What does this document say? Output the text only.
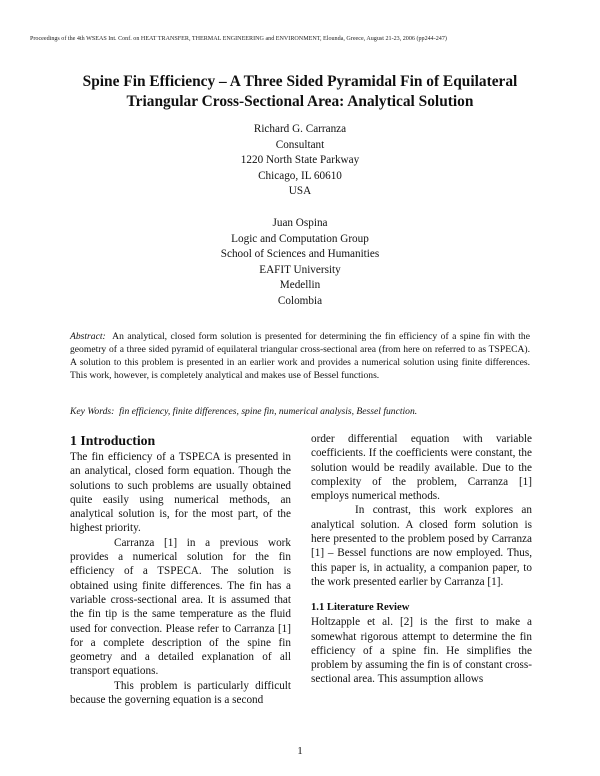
Proceedings of the 4th WSEAS Int. Conf. on HEAT TRANSFER, THERMAL ENGINEERING and ENVIRONMENT, Elounda, Greece, August 21-23, 2006 (pp244-247)
Spine Fin Efficiency – A Three Sided Pyramidal Fin of Equilateral
Triangular Cross-Sectional Area: Analytical Solution
Richard G. Carranza
Consultant
1220 North State Parkway
Chicago, IL 60610
USA
Juan Ospina
Logic and Computation Group
School of Sciences and Humanities
EAFIT University
Medellin
Colombia
Abstract: An analytical, closed form solution is presented for determining the fin efficiency of a spine fin with the geometry of a three sided pyramid of equilateral triangular cross-sectional area (from here on referred to as TSPECA). A solution to this problem is presented in an earlier work and provides a numerical solution using finite differences. This work, however, is completely analytical and makes use of Bessel functions.
Key Words: fin efficiency, finite differences, spine fin, numerical analysis, Bessel function.
1 Introduction

The fin efficiency of a TSPECA is presented in an analytical, closed form equation. Though the solutions to such problems are usually obtained quite easily using numerical methods, an analytical solution is, for the most part, of the highest priority.

Carranza [1] in a previous work provides a numerical solution for the fin efficiency of a TSPECA. The solution is obtained using finite differences. The fin has a variable cross-sectional area. It is assumed that the fin tip is the same temperature as the fluid used for convection. Please refer to Carranza [1] for a complete description of the spine fin geometry and a detailed explanation of all transport equations.

This problem is particularly difficult because the governing equation is a second

order differential equation with variable coefficients. If the coefficients were constant, the solution would be readily available. Due to the complexity of the problem, Carranza [1] employs numerical methods.

In contrast, this work explores an analytical solution. A closed form solution is here presented to the problem posed by Carranza [1] – Bessel functions are now employed. Thus, this paper is, in actuality, a companion paper, to the work presented earlier by Carranza [1].

1.1 Literature Review

Holtzapple et al. [2] is the first to make a somewhat rigorous attempt to determine the fin efficiency of a spine fin. He simplifies the problem by assuming the fin is of constant cross-sectional area. This assumption allows

1
